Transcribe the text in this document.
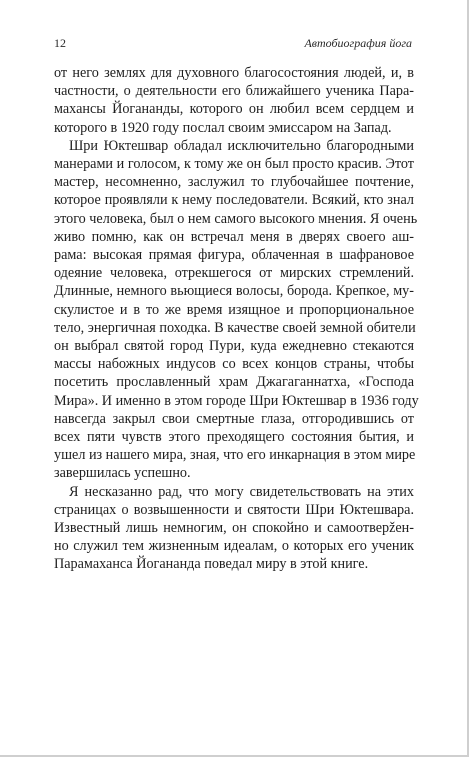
12	Автобиография йога

от него землях для духовного благосостояния людей, и, в
частности, о деятельности его ближайшего ученика Пара-
махансы Йогананды, которого он любил всем сердцем и
которого в 1920 году послал своим эмиссаром на Запад.

Шри Юктешвар обладал исключительно благородными
манерами и голосом, к тому же он был просто красив. Этот
мастер, несомненно, заслужил то глубочайшее почтение,
которое проявляли к нему последователи. Всякий, кто знал
этого человека, был о нем самого высокого мнения. Я очень
живо помню, как он встречал меня в дверях своего аш-
рама: высокая прямая фигура, облаченная в шафрановое
одеяние человека, отрекшегося от мирских стремлений.
Длинные, немного вьющиеся волосы, борода. Крепкое, му-
скулистое и в то же время изящное и пропорциональное
тело, энергичная походка. В качестве своей земной обители
он выбрал святой город Пури, куда ежедневно стекаются
массы набожных индусов со всех концов страны, чтобы
посетить прославленный храм Джагаганнатха, «Господа
Мира». И именно в этом городе Шри Юктешвар в 1936 году
навсегда закрыл свои смертные глаза, отгородившись от
всех пяти чувств этого преходящего состояния бытия, и
ушел из нашего мира, зная, что его инкарнация в этом мире
завершилась успешно.

Я несказанно рад, что могу свидетельствовать на этих
страницах о возвышенности и святости Шри Юктешвара.
Известный лишь немногим, он спокойно и самоотверžен-
но служил тем жизненным идеалам, о которых его ученик
Парамаханса Йогананда поведал миру в этой книге.
